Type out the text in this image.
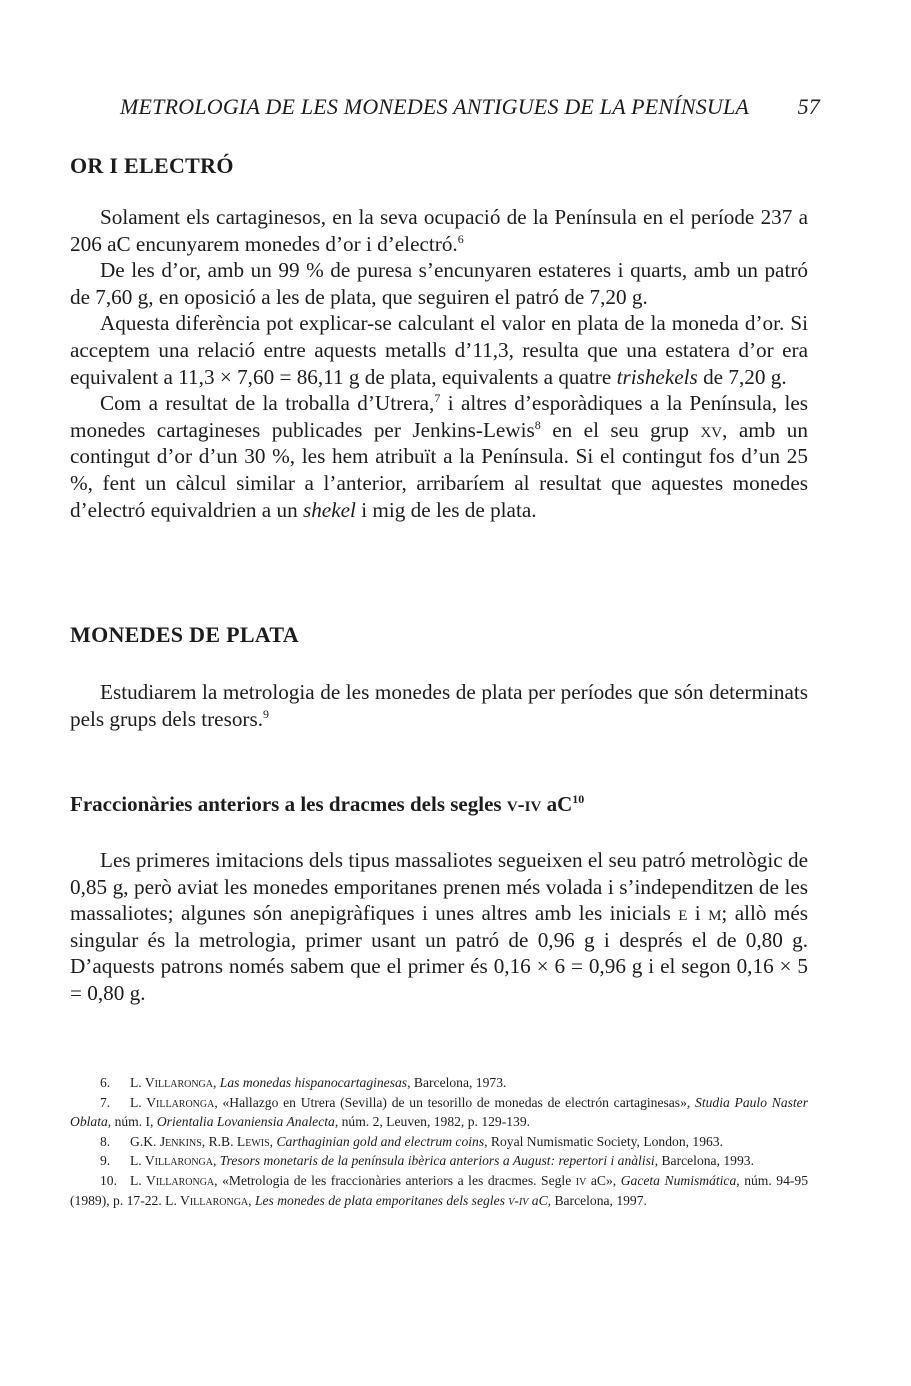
METROLOGIA DE LES MONEDES ANTIGUES DE LA PENÍNSULA 57
OR I ELECTRÓ

Solament els cartaginesos, en la seva ocupació de la Península en el període 237 a 206 aC encunyarem monedes d’or i d’electró.$^6$

De les d’or, amb un 99 % de puresa s’encunyaren estateres i quarts, amb un patró de 7,60 g, en oposició a les de plata, que seguiren el patró de 7,20 g.

Aquesta diferència pot explicar-se calculant el valor en plata de la moneda d’or. Si acceptem una relació entre aquests metalls d’11,3, resulta que una estatera d’or era equivalent a 11,3 × 7,60 = 86,11 g de plata, equivalents a quatre trishekels de 7,20 g.

Com a resultat de la troballa d’Utrera,$^7$ i altres d’esporàdiques a la Península, les monedes cartagineses publicades per Jenkins-Lewis$^8$ en el seu grup xv, amb un contingut d’or d’un 30 %, les hem atribuït a la Península. Si el contingut fos d’un 25 %, fent un càlcul similar a l’anterior, arribaríem al resultat que aquestes monedes d’electró equivaldrien a un shekel i mig de les de plata.

MONEDES DE PLATA

Estudiarem la metrologia de les monedes de plata per períodes que són determinats pels grups dels tresors.$^9$

Fraccionàries anteriors a les dracmes dels segles v-iv $aC^{10}$

Les primeres imitacions dels tipus massaliotes segueixen el seu patró metrològic de 0,85 g, però aviat les monedes emporitanes prenen més volada i s’independitzen de les massaliotes; algunes són anepigràfiques i unes altres amb les inicials e i m; allò més singular és la metrologia, primer usant un patró de 0,96 g i després el de 0,80 g. D’aquests patrons només sabem que el primer és 0,16 × 6 = 0,96 g i el segon 0,16 × 5 = 0,80 g.

6. L. Villaronga, Las monedas hispanocartaginesas, Barcelona, 1973.

7. L. Villaronga, «Hallazgo en Utrera (Sevilla) de un tesorillo de monedas de electrón cartaginesas», Studia Paulo Naster Oblata, núm. I, Orientalia Lovaniensia Analecta, núm. 2, Leuven, 1982, p. 129-139.

8. G.K. Jenkins, R.B. Lewis, Carthaginian gold and electrum coins, Royal Numismatic Society, London, 1963.

9. L. Villaronga, Tresors monetaris de la península ibèrica anteriors a August: repertori i anàlisi, Barcelona, 1993.

10. L. Villaronga, «Metrologia de les fraccionàries anteriors a les dracmes. Segle iv aC», Gaceta Numismática, núm. 94-95 (1989), p. 17-22. L. Villaronga, Les monedes de plata emporitanes dels segles v-iv aC, Barcelona, 1997.
